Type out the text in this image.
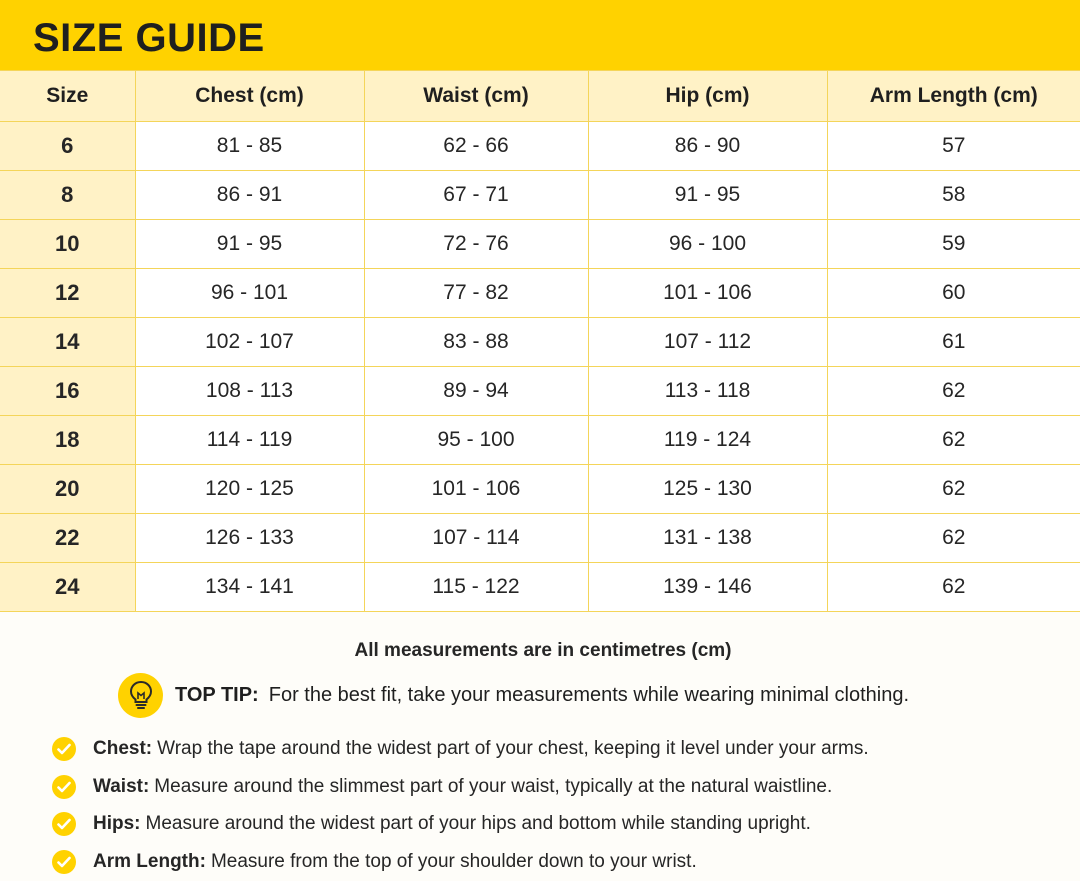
SIZE GUIDE
Size	Chest (cm)	Waist (cm)	Hip (cm)	Arm Length (cm)
6	81 - 85	62 - 66	86 - 90	57
8	86 - 91	67 - 71	91 - 95	58
10	91 - 95	72 - 76	96 - 100	59
12	96 - 101	77 - 82	101 - 106	60
14	102 - 107	83 - 88	107 - 112	61
16	108 - 113	89 - 94	113 - 118	62
18	114 - 119	95 - 100	119 - 124	62
20	120 - 125	101 - 106	125 - 130	62
22	126 - 133	107 - 114	131 - 138	62
24	134 - 141	115 - 122	139 - 146	62
All measurements are in centimetres (cm)
TOP TIP: For the best fit, take your measurements while wearing minimal clothing.
Chest: Wrap the tape around the widest part of your chest, keeping it level under your arms.
Waist: Measure around the slimmest part of your waist, typically at the natural waistline.
Hips: Measure around the widest part of your hips and bottom while standing upright.
Arm Length: Measure from the top of your shoulder down to your wrist.
